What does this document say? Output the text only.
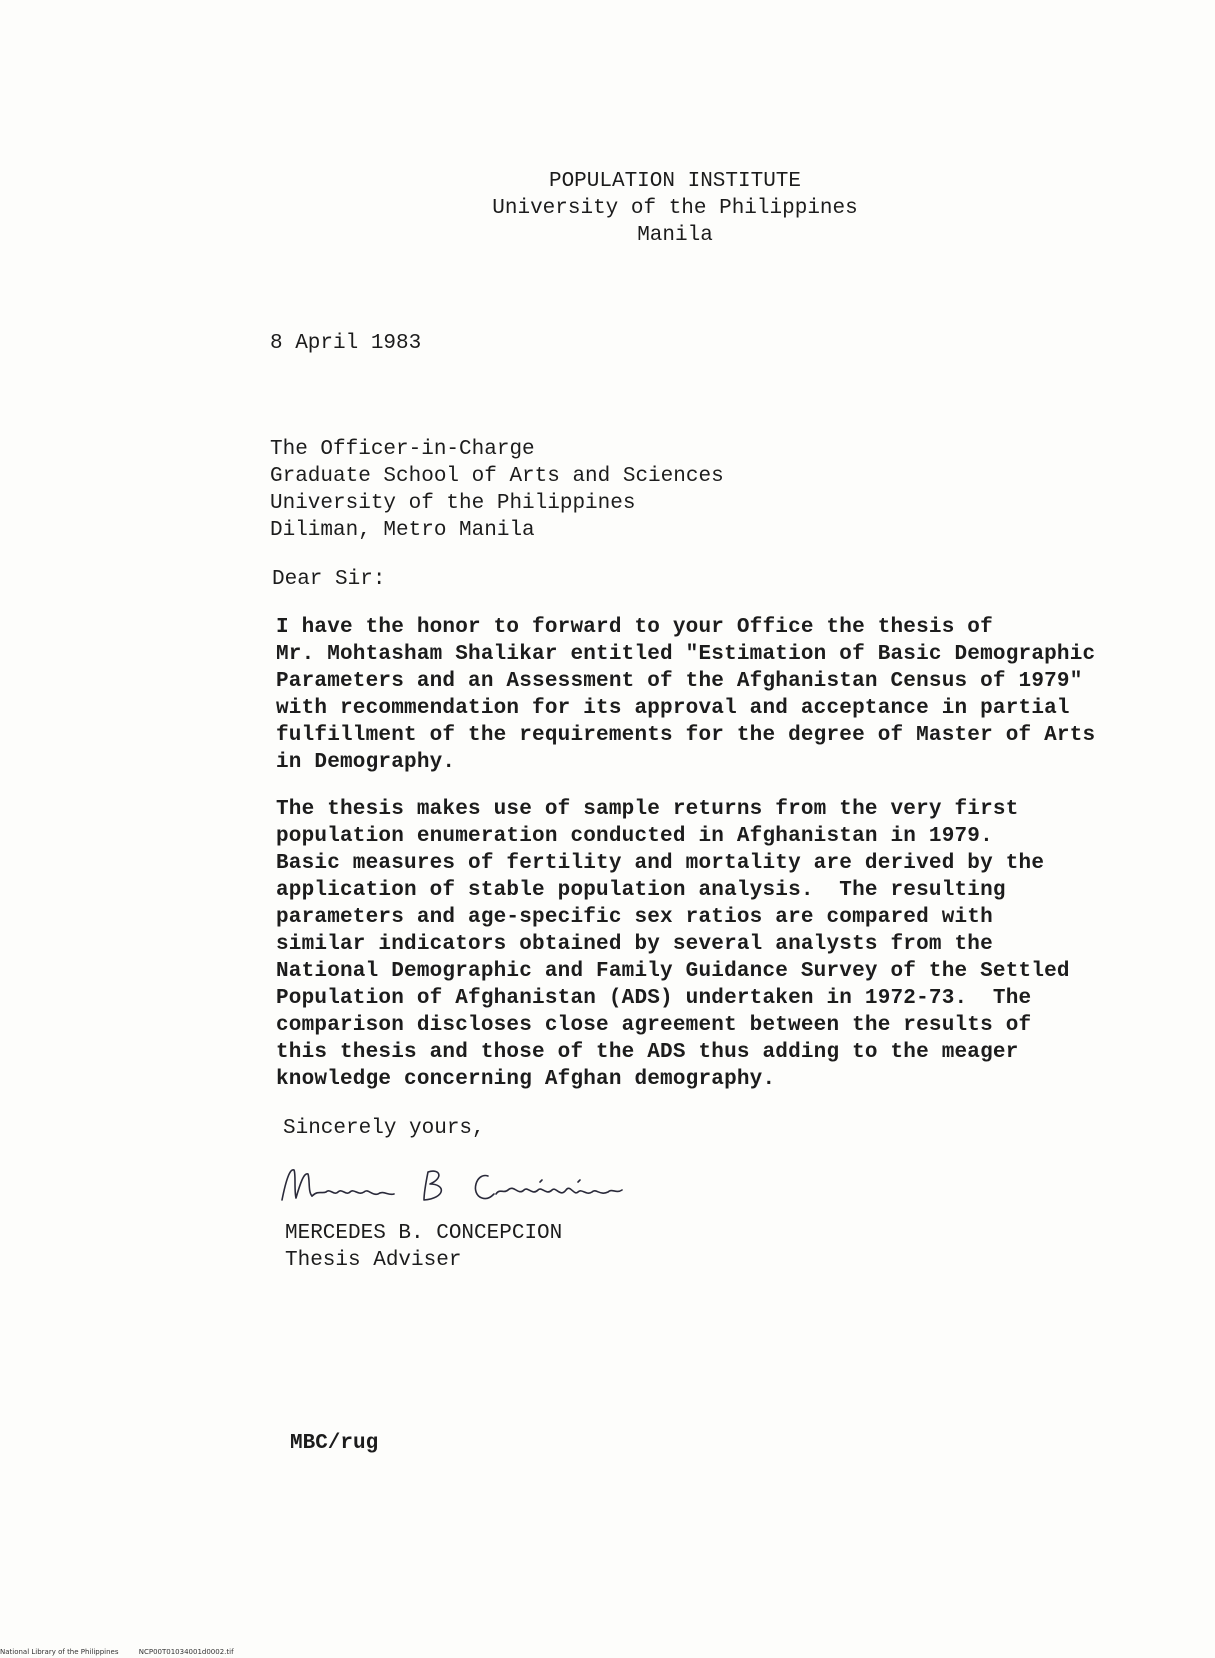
POPULATION INSTITUTE
University of the Philippines
Manila
8 April 1983
The Officer-in-Charge
Graduate School of Arts and Sciences
University of the Philippines
Diliman, Metro Manila
Dear Sir:
I have the honor to forward to your Office the thesis of
Mr. Mohtasham Shalikar entitled "Estimation of Basic Demographic
Parameters and an Assessment of the Afghanistan Census of 1979"
with recommendation for its approval and acceptance in partial
fulfillment of the requirements for the degree of Master of Arts
in Demography.
The thesis makes use of sample returns from the very first
population enumeration conducted in Afghanistan in 1979.
Basic measures of fertility and mortality are derived by the
application of stable population analysis.  The resulting
parameters and age-specific sex ratios are compared with
similar indicators obtained by several analysts from the
National Demographic and Family Guidance Survey of the Settled
Population of Afghanistan (ADS) undertaken in 1972-73.  The
comparison discloses close agreement between the results of
this thesis and those of the ADS thus adding to the meager
knowledge concerning Afghan demography.
Sincerely yours,
MERCEDES B. CONCEPCION
Thesis Adviser
MBC/rug
National Library of the Philippines	NCP00T01034001d0002.tif
